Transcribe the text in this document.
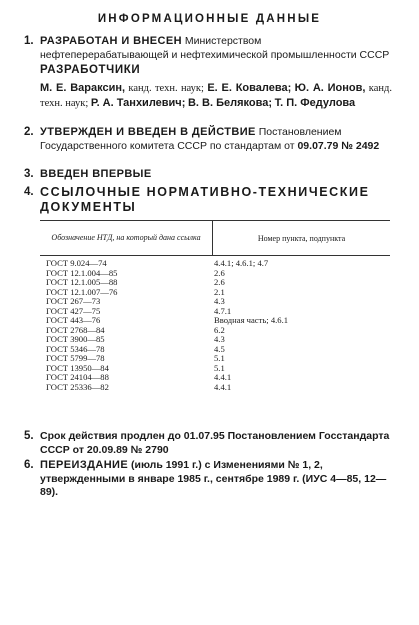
ИНФОРМАЦИОННЫЕ ДАННЫЕ
1. РАЗРАБОТАН И ВНЕСЕН Министерством нефтеперерабатывающей и нефтехимической промышленности СССР
РАЗРАБОТЧИКИ
М. Е. Вараксин, канд. техн. наук; Е. Е. Ковалева; Ю. А. Ионов, канд. техн. наук; Р. А. Танхилевич; В. В. Белякова; Т. П. Федулова
2. УТВЕРЖДЕН И ВВЕДЕН В ДЕЙСТВИЕ Постановлением Государственного комитета СССР по стандартам от 09.07.79 № 2492
3. ВВЕДЕН ВПЕРВЫЕ
4. ССЫЛОЧНЫЕ НОРМАТИВНО-ТЕХНИЧЕСКИЕ ДОКУМЕНТЫ
Обозначение НТД, на который дана ссылка	Номер пункта, подпункта
ГОСТ 9.024—74	4.4.1; 4.6.1; 4.7
ГОСТ 12.1.004—85	2.6
ГОСТ 12.1.005—88	2.6
ГОСТ 12.1.007—76	2.1
ГОСТ 267—73	4.3
ГОСТ 427—75	4.7.1
ГОСТ 443—76	Вводная часть; 4.6.1
ГОСТ 2768—84	6.2
ГОСТ 3900—85	4.3
ГОСТ 5346—78	4.5
ГОСТ 5799—78	5.1
ГОСТ 13950—84	5.1
ГОСТ 24104—88	4.4.1
ГОСТ 25336—82	4.4.1
5. Срок действия продлен до 01.07.95 Постановлением Госстандарта СССР от 20.09.89 № 2790
6. ПЕРЕИЗДАНИЕ (июль 1991 г.) с Изменениями № 1, 2, утвержденными в январе 1985 г., сентябре 1989 г. (ИУС 4—85, 12—89).
